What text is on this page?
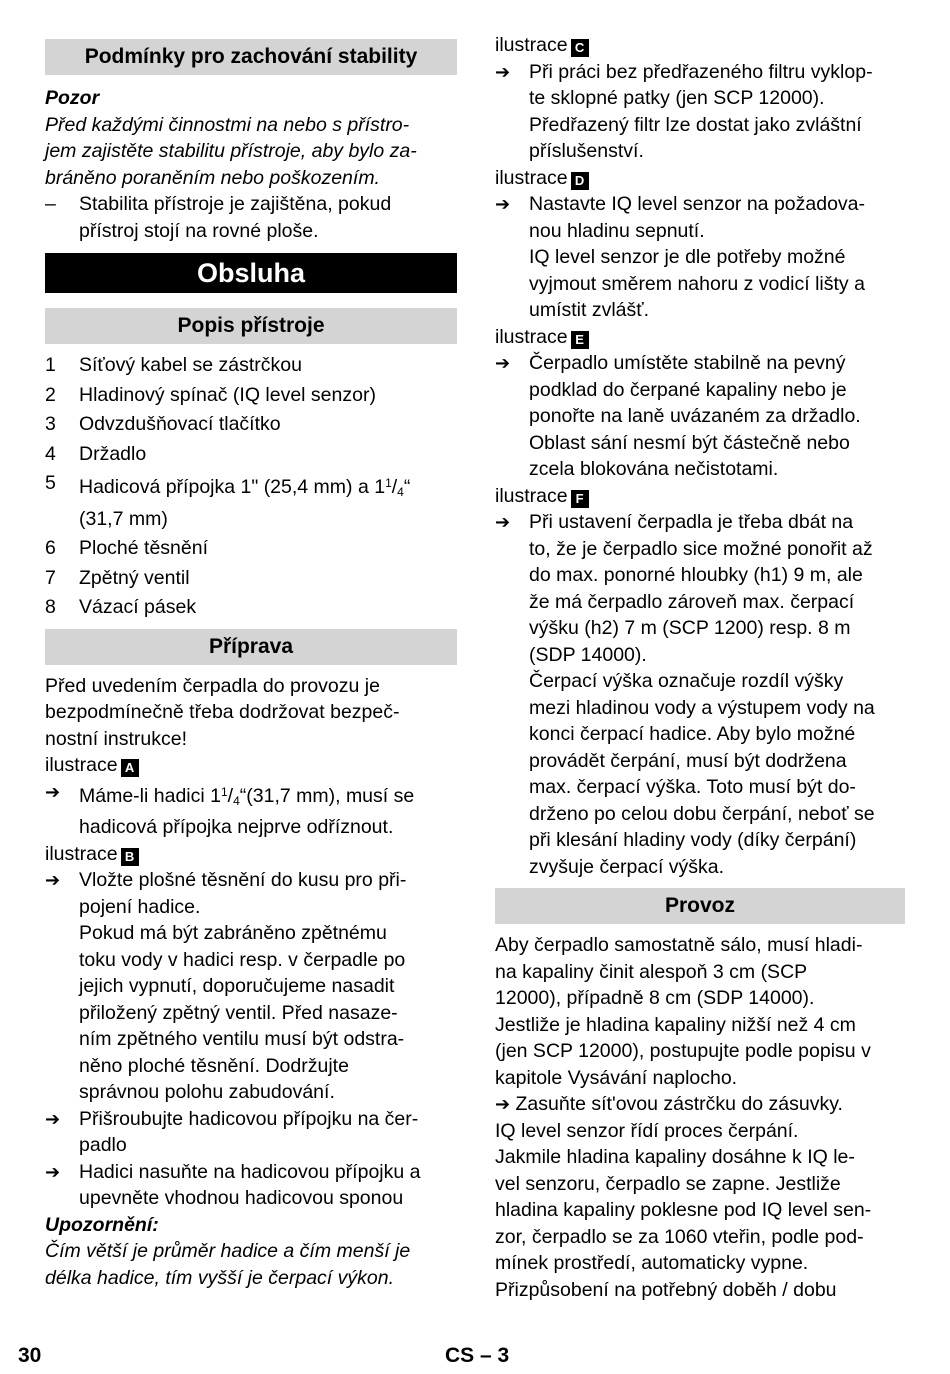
Podmínky pro zachování stability

Pozor

Před každými činnostmi na nebo s přístro-

jem zajistěte stabilitu přístroje, aby bylo za-

bráněno poraněním nebo poškozením.

– Stabilita přístroje je zajištěna, pokud
přístroj stojí na rovné ploše.
Obsluha
Popis přístroje
1 Síťový kabel se zástrčkou
2 Hladinový spínač (IQ level senzor)
3 Odvzdušňovací tlačítko
4 Držadlo
5 Hadicová přípojka 1" (25,4 mm) a $1^1/_4“$
(31,7 mm)
6 Ploché těsnění
7 Zpětný ventil
8 Vázací pásek
Příprava

Před uvedením čerpadla do provozu je

bezpodmínečně třeba dodržovat bezpeč-

nostní instrukce!

ilustrace A

➔ Máme-li hadici $1^1/_4“(31,7$ mm), musí se
hadicová přípojka nejprve odříznout.

ilustrace B

➔ Vložte plošné těsnění do kusu pro při-
pojení hadice.
Pokud má být zabráněno zpětnému
toku vody v hadici resp. v čerpadle po
jejich vypnutí, doporučujeme nasadit
přiložený zpětný ventil. Před nasaze-
ním zpětného ventilu musí být odstra-
něno ploché těsnění. Dodržujte
správnou polohu zabudování.
➔ Přišroubujte hadicovou přípojku na čer-
padlo
➔ Hadici nasuňte na hadicovou přípojku a
upevněte vhodnou hadicovou sponou

Upozornění:

Čím větší je průměr hadice a čím menší je

délka hadice, tím vyšší je čerpací výkon.

ilustrace C

➔ Při práci bez předřazeného filtru vyklop-
te sklopné patky (jen SCP 12000).
Předřazený filtr lze dostat jako zvláštní
příslušenství.

ilustrace D

➔ Nastavte IQ level senzor na požadova-
nou hladinu sepnutí.
IQ level senzor je dle potřeby možné
vyjmout směrem nahoru z vodicí lišty a
umístit zvlášť.

ilustrace E

➔ Čerpadlo umístěte stabilně na pevný
podklad do čerpané kapaliny nebo je
ponořte na laně uvázaném za držadlo.
Oblast sání nesmí být částečně nebo
zcela blokována nečistotami.

ilustrace F

➔ Při ustavení čerpadla je třeba dbát na
to, že je čerpadlo sice možné ponořit až
do max. ponorné hloubky (h1) 9 m, ale
že má čerpadlo zároveň max. čerpací
výšku (h2) 7 m (SCP 1200) resp. 8 m
(SDP 14000).
Čerpací výška označuje rozdíl výšky
mezi hladinou vody a výstupem vody na
konci čerpací hadice. Aby bylo možné
provádět čerpání, musí být dodržena
max. čerpací výška. Toto musí být do-
drženo po celou dobu čerpání, neboť se
při klesání hladiny vody (díky čerpání)
zvyšuje čerpací výška.
Provoz

Aby čerpadlo samostatně sálo, musí hladi-

na kapaliny činit alespoň 3 cm (SCP

12000), případně 8 cm (SDP 14000).

Jestliže je hladina kapaliny nižší než 4 cm

(jen SCP 12000), postupujte podle popisu v

kapitole Vysávání naplocho.

➔ Zasuňte sít'ovou zástrčku do zásuvky.

IQ level senzor řídí proces čerpání.

Jakmile hladina kapaliny dosáhne k IQ le-

vel senzoru, čerpadlo se zapne. Jestliže

hladina kapaliny poklesne pod IQ level sen-

zor, čerpadlo se za 1060 vteřin, podle pod-

mínek prostředí, automaticky vypne.

Přizpůsobení na potřebný doběh / dobu

30	CS – 3
